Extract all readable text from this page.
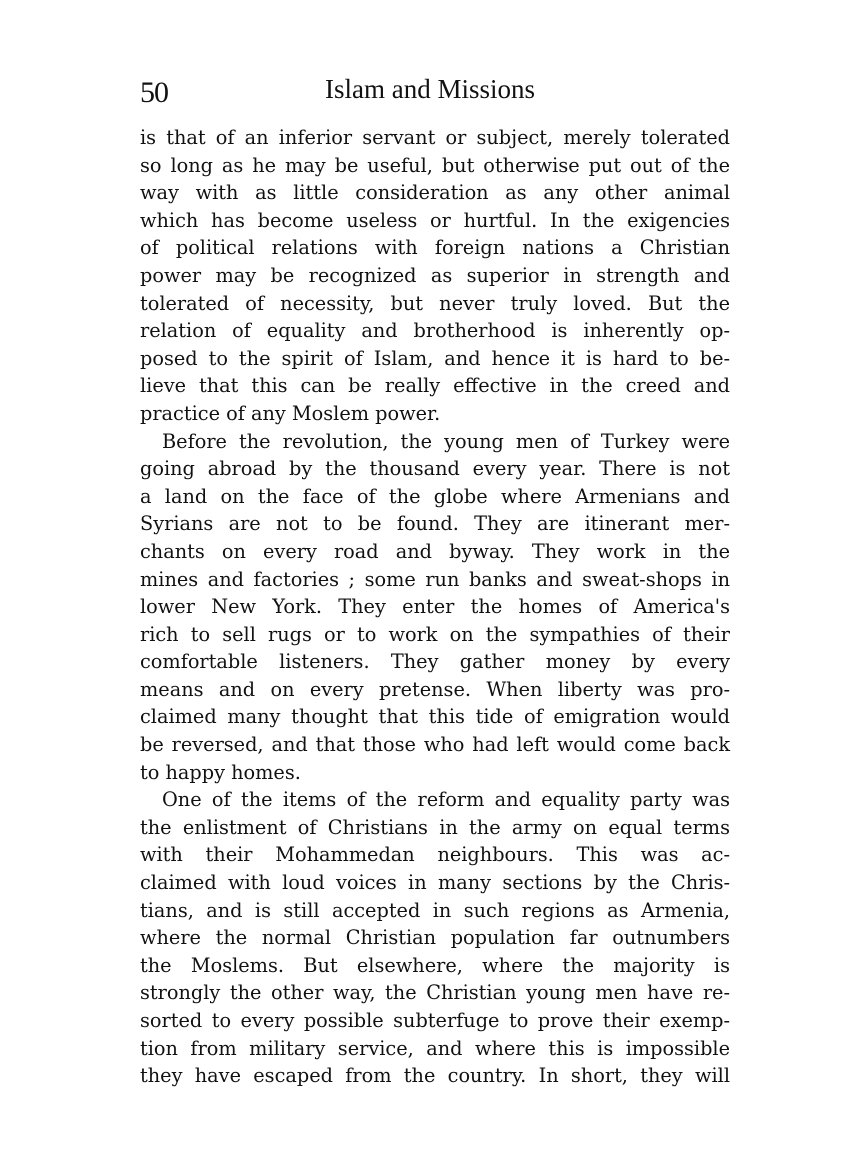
50	Islam and Missions
is that of an inferior servant or subject, merely tolerated
so long as he may be useful, but otherwise put out of the
way with as little consideration as any other animal
which has become useless or hurtful. In the exigencies
of political relations with foreign nations a Christian
power may be recognized as superior in strength and
tolerated of necessity, but never truly loved. But the
relation of equality and brotherhood is inherently op-
posed to the spirit of Islam, and hence it is hard to be-
lieve that this can be really effective in the creed and
practice of any Moslem power.
Before the revolution, the young men of Turkey were
going abroad by the thousand every year. There is not
a land on the face of the globe where Armenians and
Syrians are not to be found. They are itinerant mer-
chants on every road and byway. They work in the
mines and factories ; some run banks and sweat-shops in
lower New York. They enter the homes of America's
rich to sell rugs or to work on the sympathies of their
comfortable listeners. They gather money by every
means and on every pretense. When liberty was pro-
claimed many thought that this tide of emigration would
be reversed, and that those who had left would come back
to happy homes.
One of the items of the reform and equality party was
the enlistment of Christians in the army on equal terms
with their Mohammedan neighbours. This was ac-
claimed with loud voices in many sections by the Chris-
tians, and is still accepted in such regions as Armenia,
where the normal Christian population far outnumbers
the Moslems. But elsewhere, where the majority is
strongly the other way, the Christian young men have re-
sorted to every possible subterfuge to prove their exemp-
tion from military service, and where this is impossible
they have escaped from the country. In short, they will
